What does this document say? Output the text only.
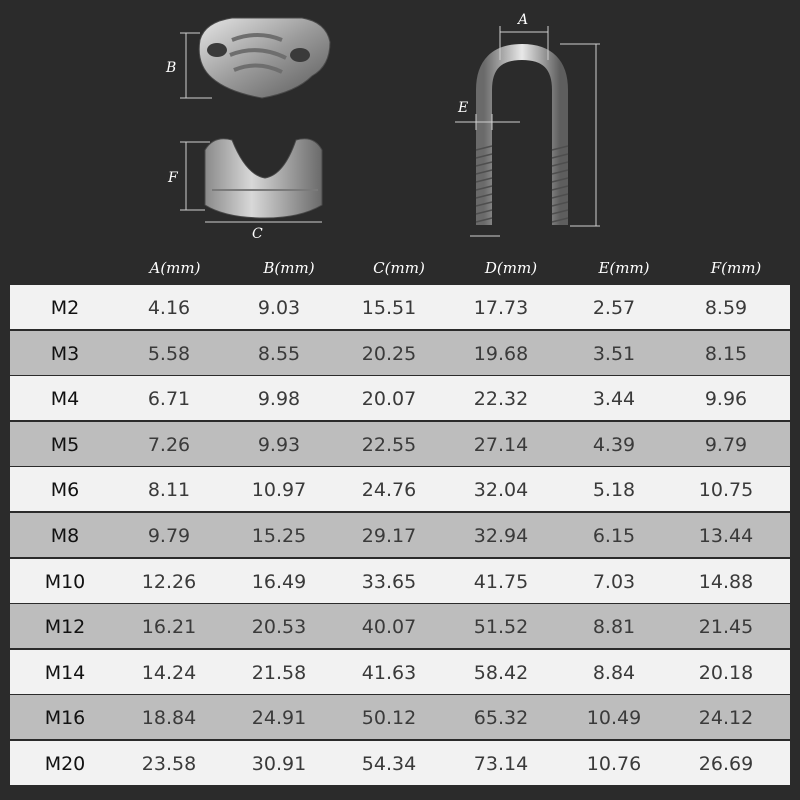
B
F
C
A
E
A(mm)	B(mm)	C(mm)	D(mm)	E(mm)	F(mm)
M2	4.16	9.03	15.51	17.73	2.57	8.59
M3	5.58	8.55	20.25	19.68	3.51	8.15
M4	6.71	9.98	20.07	22.32	3.44	9.96
M5	7.26	9.93	22.55	27.14	4.39	9.79
M6	8.11	10.97	24.76	32.04	5.18	10.75
M8	9.79	15.25	29.17	32.94	6.15	13.44
M10	12.26	16.49	33.65	41.75	7.03	14.88
M12	16.21	20.53	40.07	51.52	8.81	21.45
M14	14.24	21.58	41.63	58.42	8.84	20.18
M16	18.84	24.91	50.12	65.32	10.49	24.12
M20	23.58	30.91	54.34	73.14	10.76	26.69
